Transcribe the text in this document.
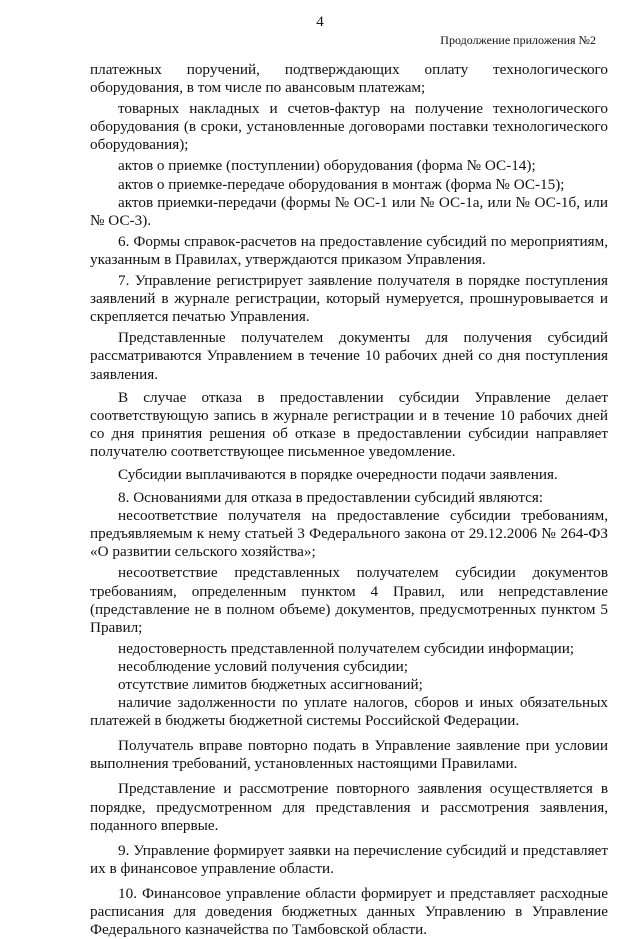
4
Продолжение приложения №2

платежных поручений, подтверждающих оплату технологического оборудования, в том числе по авансовым платежам;

товарных накладных и счетов-фактур на получение технологического оборудования (в сроки, установленные договорами поставки технологического оборудования);

актов о приемке (поступлении) оборудования (форма № ОС-14);

актов о приемке-передаче оборудования в монтаж (форма № ОС-15);

актов приемки-передачи (формы № ОС-1 или № ОС-1а, или № ОС-1б, или № ОС-3).

6. Формы справок-расчетов на предоставление субсидий по мероприятиям, указанным в Правилах, утверждаются приказом Управления.

7. Управление регистрирует заявление получателя в порядке поступления заявлений в журнале регистрации, который нумеруется, прошнуровывается и скрепляется печатью Управления.

Представленные получателем документы для получения субсидий рассматриваются Управлением в течение 10 рабочих дней со дня поступления заявления.

В случае отказа в предоставлении субсидии Управление делает соответствующую запись в журнале регистрации и в течение 10 рабочих дней со дня принятия решения об отказе в предоставлении субсидии направляет получателю соответствующее письменное уведомление.

Субсидии выплачиваются в порядке очередности подачи заявления.

8. Основаниями для отказа в предоставлении субсидий являются:

несоответствие получателя на предоставление субсидии требованиям, предъявляемым к нему статьей 3 Федерального закона от 29.12.2006 № 264-ФЗ «О развитии сельского хозяйства»;

несоответствие представленных получателем субсидии документов требованиям, определенным пунктом 4 Правил, или непредставление (представление не в полном объеме) документов, предусмотренных пунктом 5 Правил;

недостоверность представленной получателем субсидии информации;

несоблюдение условий получения субсидии;

отсутствие лимитов бюджетных ассигнований;

наличие задолженности по уплате налогов, сборов и иных обязательных платежей в бюджеты бюджетной системы Российской Федерации.

Получатель вправе повторно подать в Управление заявление при условии выполнения требований, установленных настоящими Правилами.

Представление и рассмотрение повторного заявления осуществляется в порядке, предусмотренном для представления и рассмотрения заявления, поданного впервые.

9. Управление формирует заявки на перечисление субсидий и представляет их в финансовое управление области.

10. Финансовое управление области формирует и представляет расходные расписания для доведения бюджетных данных Управлению в Управление Федерального казначейства по Тамбовской области.
